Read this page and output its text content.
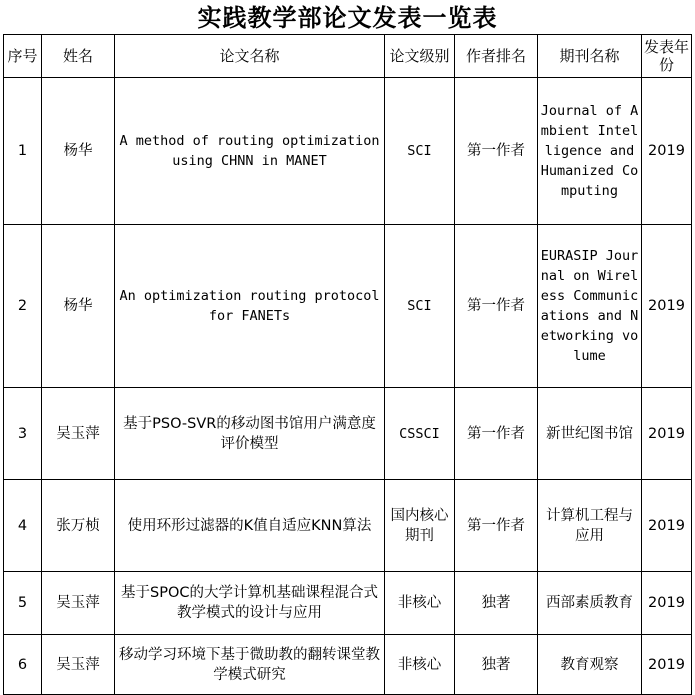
实践教学部论文发表一览表
序号	姓名	论文名称	论文级别	作者排名	期刊名称	发表年份
1	杨华	A method of routing optimization using CHNN in MANET	SCI	第一作者	Journal of Ambient Intelligence and Humanized Computing	2019
2	杨华	An optimization routing protocol for FANETs	SCI	第一作者	EURASIP Journal on Wireless Communications and Networking volume	2019
3	吴玉萍	基于PSO-SVR的移动图书馆用户满意度评价模型	CSSCI	第一作者	新世纪图书馆	2019
4	张万桢	使用环形过滤器的K值自适应KNN算法	国内核心期刊	第一作者	计算机工程与应用	2019
5	吴玉萍	基于SPOC的大学计算机基础课程混合式教学模式的设计与应用	非核心	独著	西部素质教育	2019
6	吴玉萍	移动学习环境下基于微助教的翻转课堂教学模式研究	非核心	独著	教育观察	2019
